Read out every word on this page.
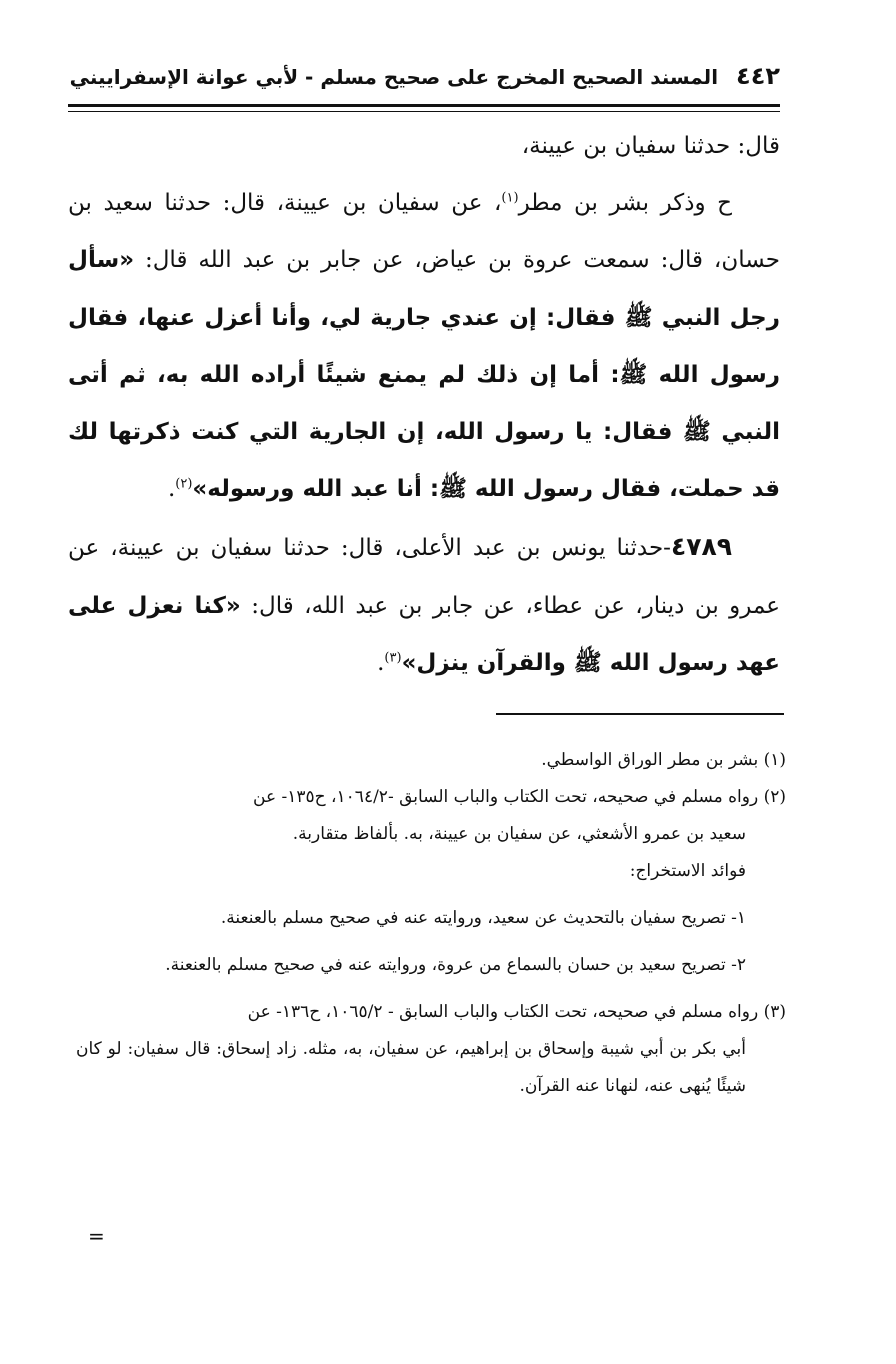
٤٤٢
المسند الصحيح المخرج على صحيح مسلم - لأبي عوانة الإسفراييني

قال: حدثنا سفيان بن عيينة،

ح وذكر بشر بن مطر$^{(١)}$، عن سفيان بن عيينة، قال: حدثنا سعيد بن حسان، قال: سمعت عروة بن عياض، عن جابر بن عبد الله قال: «سأل رجل النبي ﷺ فقال: إن عندي جارية لي، وأنا أعزل عنها، فقال رسول الله ﷺ: أما إن ذلك لم يمنع شيئًا أراده الله به، ثم أتى النبي ﷺ فقال: يا رسول الله، إن الجارية التي كنت ذكرتها لك قد حملت، فقال رسول الله ﷺ: أنا عبد الله ورسوله»$^{(٢)}$.

٤٧٨٩-حدثنا يونس بن عبد الأعلى، قال: حدثنا سفيان بن عيينة، عن عمرو بن دينار، عن عطاء، عن جابر بن عبد الله، قال: «كنا نعزل على عهد رسول الله ﷺ والقرآن ينزل»$^{(٣)}$.

(١) بشر بن مطر الوراق الواسطي.

(٢) رواه مسلم في صحيحه، تحت الكتاب والباب السابق -١٠٦٤/٢، ح١٣٥- عن

سعيد بن عمرو الأشعثي، عن سفيان بن عيينة، به. بألفاظ متقاربة.

فوائد الاستخراج:

١- تصريح سفيان بالتحديث عن سعيد، وروايته عنه في صحيح مسلم بالعنعنة.

٢- تصريح سعيد بن حسان بالسماع من عروة، وروايته عنه في صحيح مسلم بالعنعنة.

(٣) رواه مسلم في صحيحه، تحت الكتاب والباب السابق - ١٠٦٥/٢، ح١٣٦- عن

أبي بكر بن أبي شيبة وإسحاق بن إبراهيم، عن سفيان، به، مثله. زاد إسحاق: قال سفيان: لو كان شيئًا يُنهى عنه، لنهانا عنه القرآن.

=
